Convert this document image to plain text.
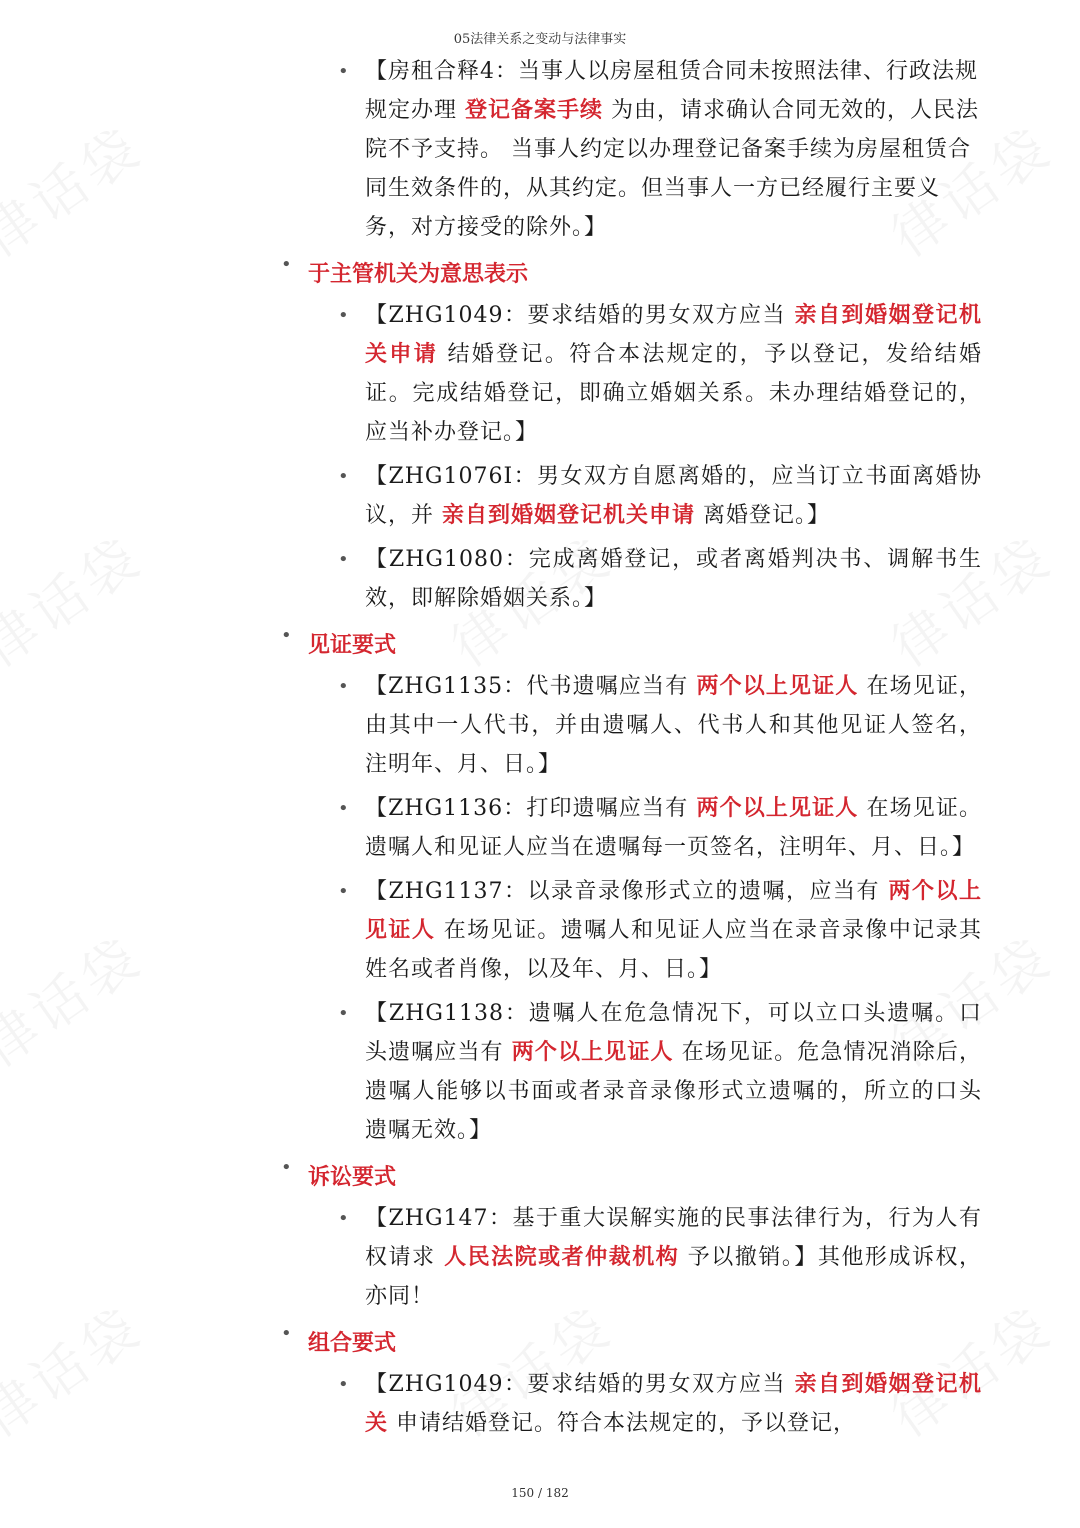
05法律关系之变动与法律事实
• 【房租合释4：当事人以房屋租赁合同未按照法律、行政法规规定办理 登记备案手续 为由，请求确认合同无效的，人民法院不予支持。 当事人约定以办理登记备案手续为房屋租赁合同生效条件的，从其约定。但当事人一方已经履行主要义务，对方接受的除外。】
• 于主管机关为意思表示
• 【ZHG1049：要求结婚的男女双方应当 亲自到婚姻登记机关申请 结婚登记。符合本法规定的，予以登记，发给结婚证。完成结婚登记，即确立婚姻关系。未办理结婚登记的，应当补办登记。】
• 【ZHG1076I：男女双方自愿离婚的，应当订立书面离婚协议，并 亲自到婚姻登记机关申请 离婚登记。】
• 【ZHG1080：完成离婚登记，或者离婚判决书、调解书生效，即解除婚姻关系。】
• 见证要式
• 【ZHG1135：代书遗嘱应当有 两个以上见证人 在场见证，由其中一人代书，并由遗嘱人、代书人和其他见证人签名，注明年、月、日。】
• 【ZHG1136：打印遗嘱应当有 两个以上见证人 在场见证。遗嘱人和见证人应当在遗嘱每一页签名，注明年、月、日。】
• 【ZHG1137：以录音录像形式立的遗嘱，应当有 两个以上见证人 在场见证。遗嘱人和见证人应当在录音录像中记录其姓名或者肖像，以及年、月、日。】
• 【ZHG1138：遗嘱人在危急情况下，可以立口头遗嘱。口头遗嘱应当有 两个以上见证人 在场见证。危急情况消除后，遗嘱人能够以书面或者录音录像形式立遗嘱的，所立的口头遗嘱无效。】
• 诉讼要式
• 【ZHG147：基于重大误解实施的民事法律行为，行为人有权请求 人民法院或者仲裁机构 予以撤销。】其他形成诉权，亦同！
• 组合要式
• 【ZHG1049：要求结婚的男女双方应当 亲自到婚姻登记机关 申请结婚登记。符合本法规定的，予以登记，
150 / 182
